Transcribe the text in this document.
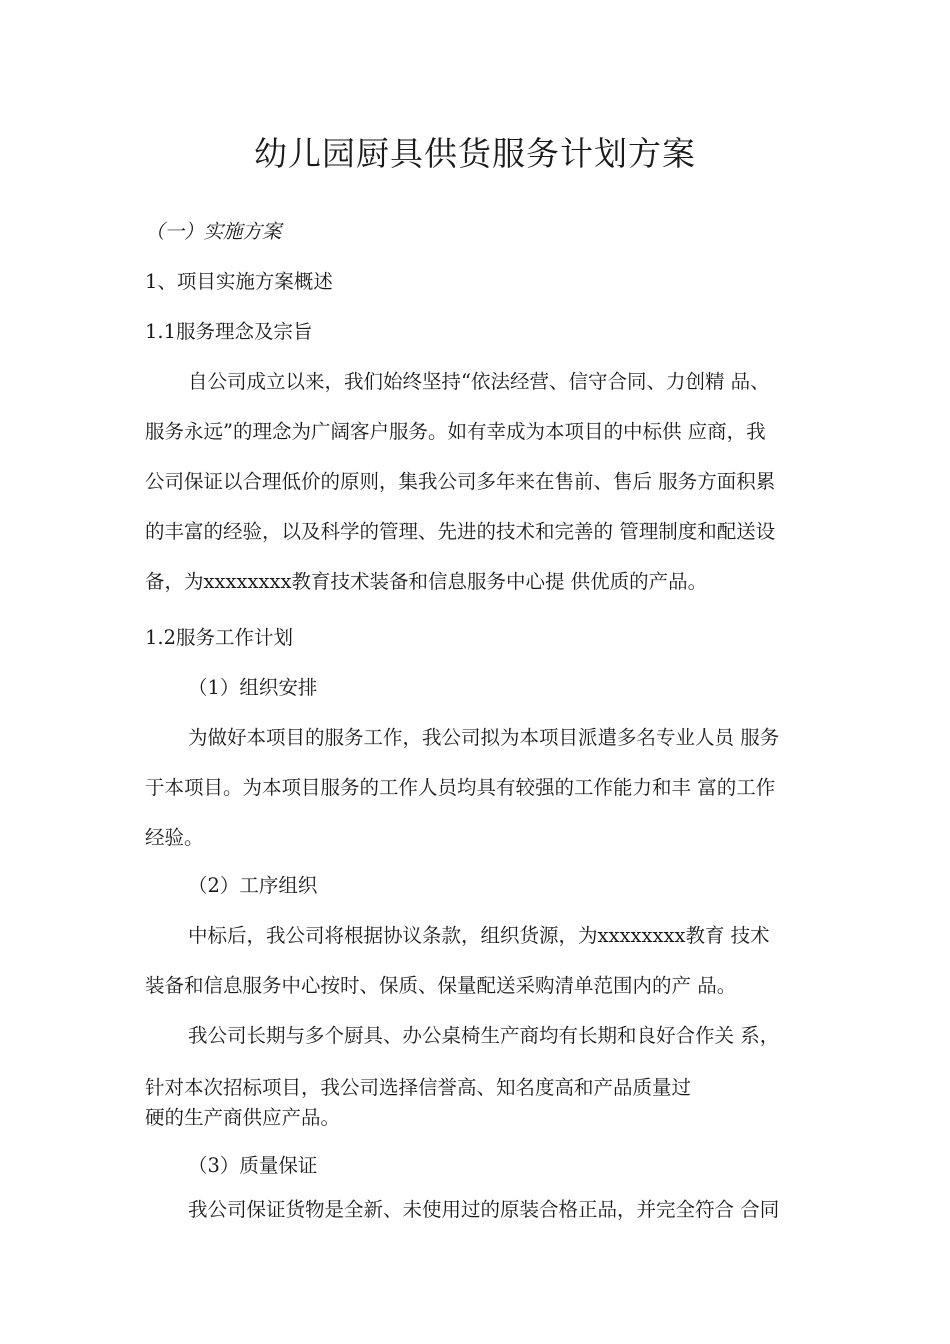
幼儿园厨具供货服务计划方案
（一）实施方案
1、项目实施方案概述
1.1服务理念及宗旨
自公司成立以来，我们始终坚持“依法经营、信守合同、力创精 品、
服务永远”的理念为广阔客户服务。如有幸成为本项目的中标供 应商，我
公司保证以合理低价的原则，集我公司多年来在售前、售后 服务方面积累
的丰富的经验，以及科学的管理、先进的技术和完善的 管理制度和配送设
备，为xxxxxxxx教育技术装备和信息服务中心提 供优质的产品。
1.2服务工作计划
（1）组织安排
为做好本项目的服务工作，我公司拟为本项目派遣多名专业人员 服务
于本项目。为本项目服务的工作人员均具有较强的工作能力和丰 富的工作
经验。
（2）工序组织
中标后，我公司将根据协议条款，组织货源，为xxxxxxxx教育 技术
装备和信息服务中心按时、保质、保量配送采购清单范围内的产 品。
我公司长期与多个厨具、办公桌椅生产商均有长期和良好合作关 系，
针对本次招标项目，我公司选择信誉高、知名度高和产品质量过
硬的生产商供应产品。
（3）质量保证
我公司保证货物是全新、未使用过的原装合格正品，并完全符合 合同
